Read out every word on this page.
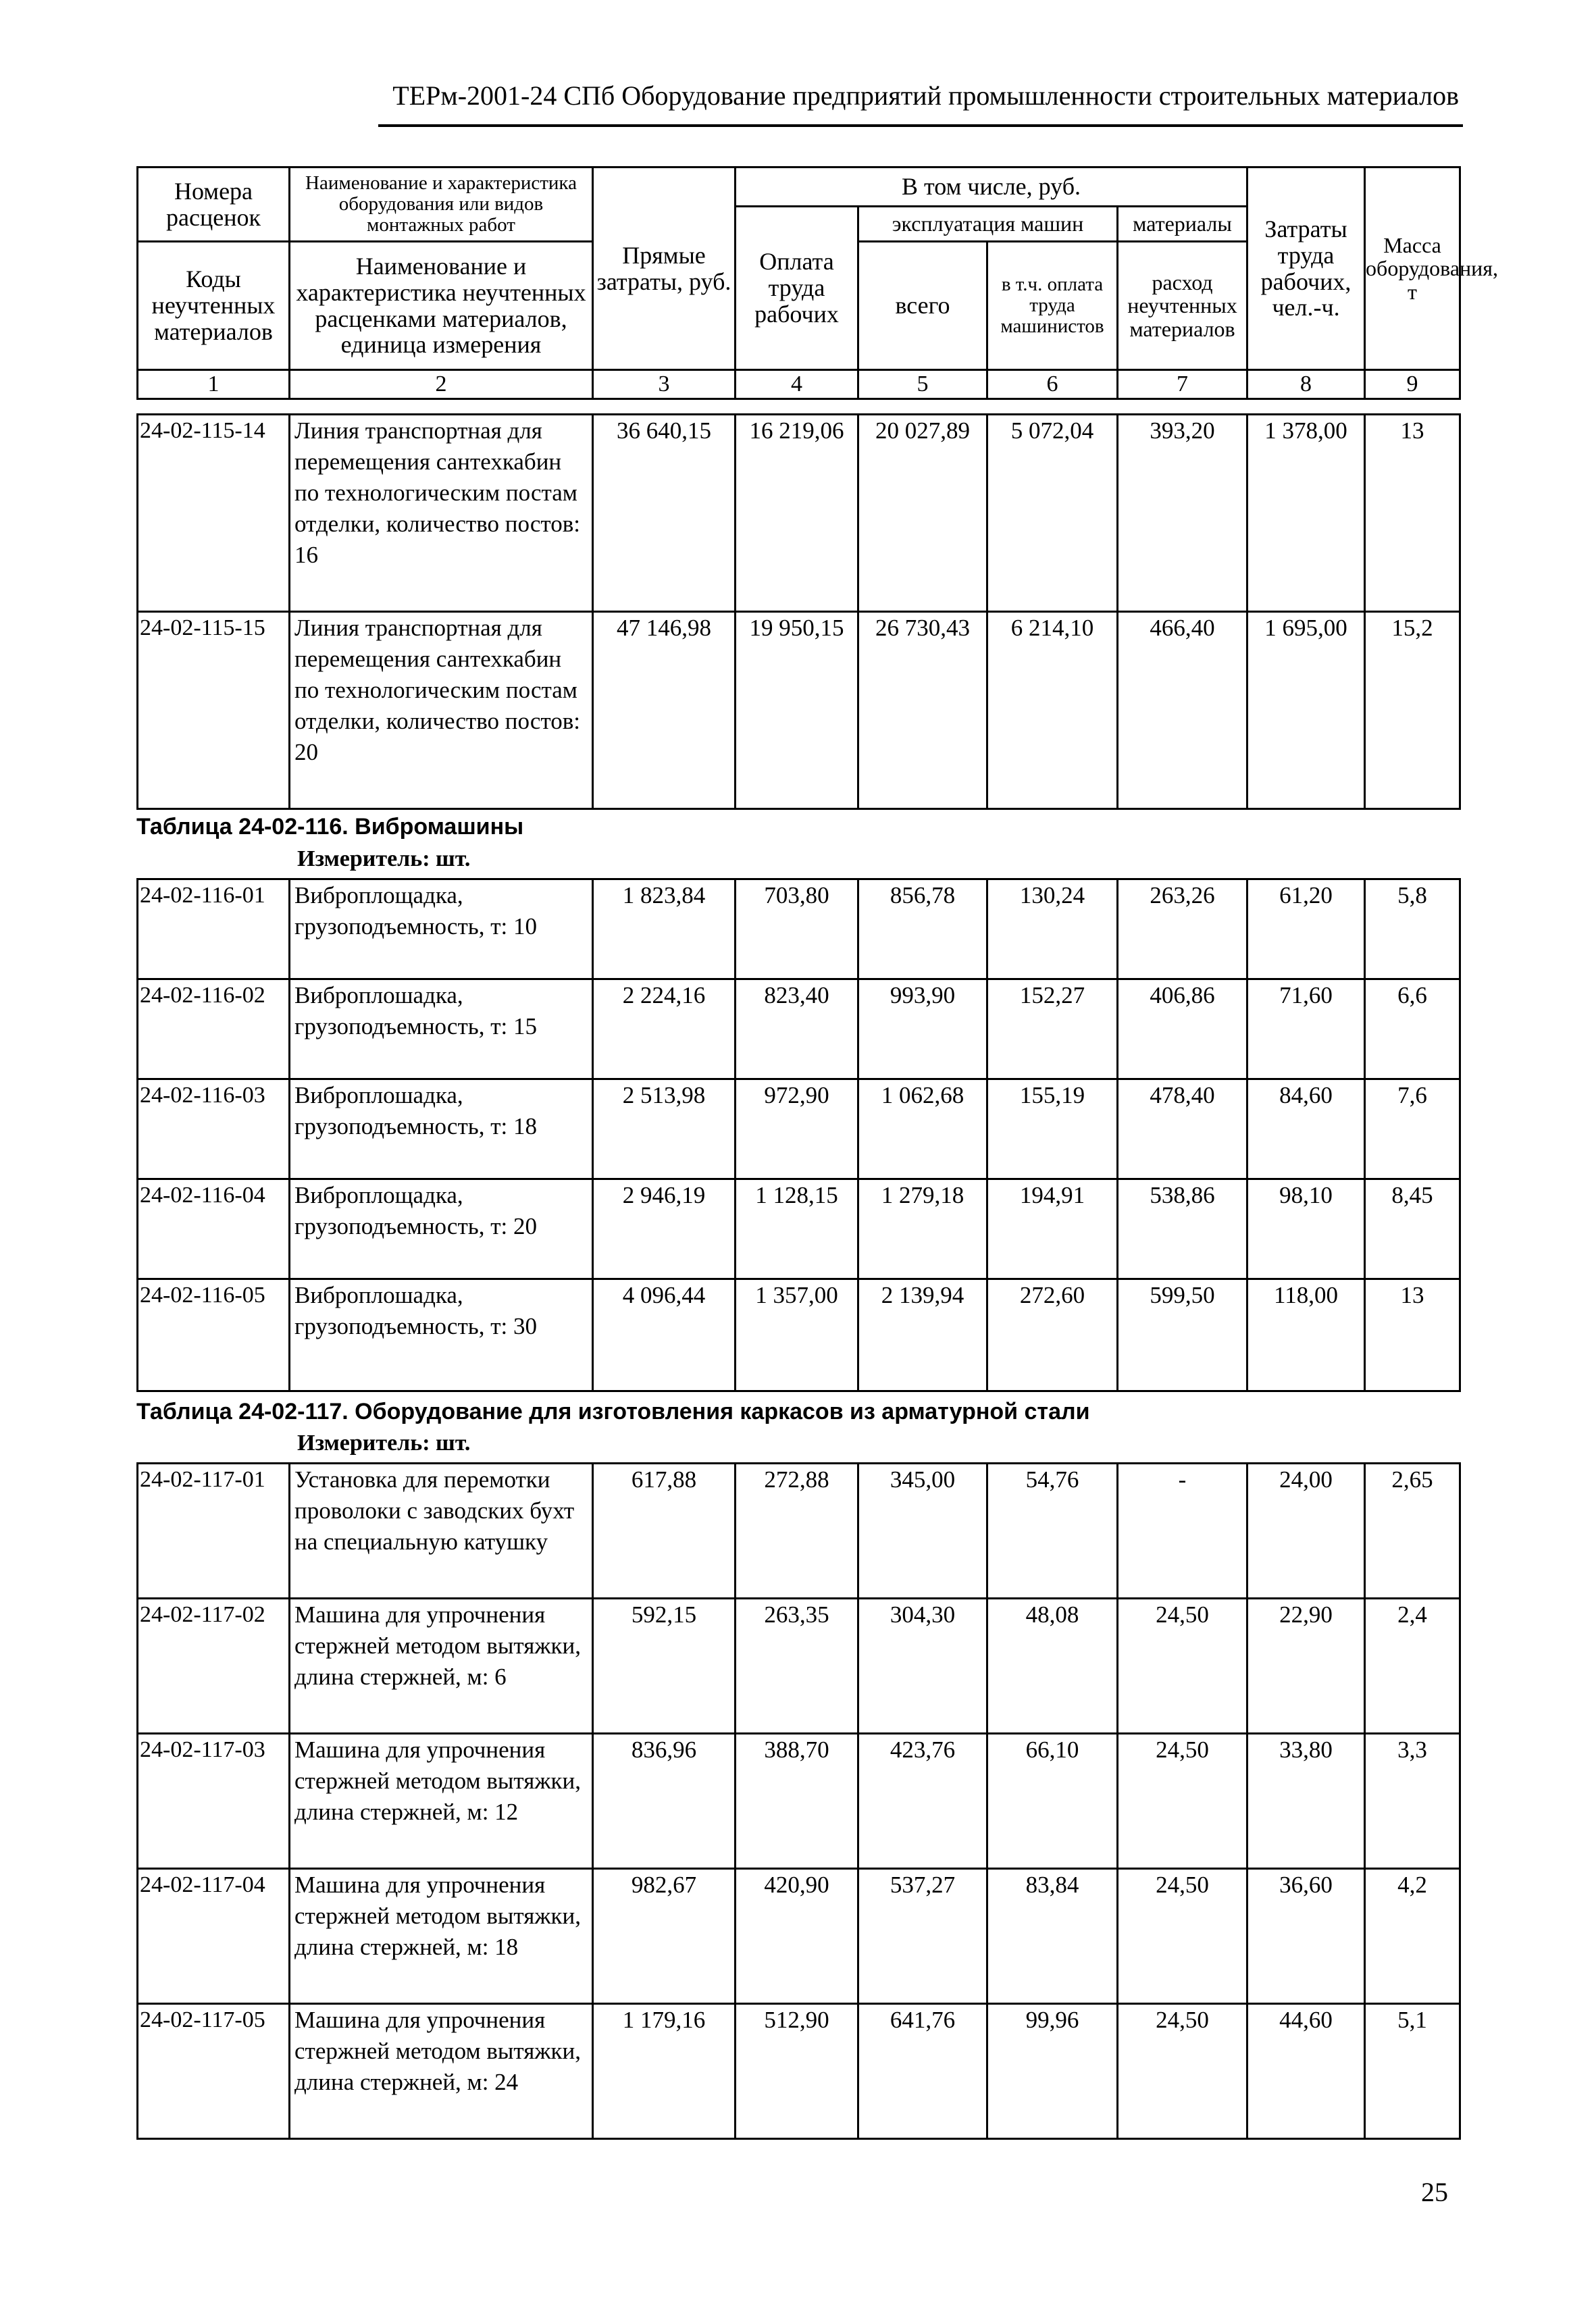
ТЕРм-2001-24 СПб Оборудование предприятий промышленности строительных материалов
Номера расценок	Наименование и характеристика оборудования или видов монтажных работ	Прямые затраты, руб.	В том числе, руб.				Затраты труда рабочих, чел.-ч.	Масса оборудования, т
			Оплата труда рабочих	эксплуатация машин		материалы		
Коды неучтенных материалов	Наименование и характеристика неучтенных расценками материалов, единица измерения			всего	в т.ч. оплата труда машинистов	расход неучтенных материалов		

1	2	3	4	5	6	7	8	9
24-02-115-14	Линия транспортная для перемещения сантехкабин по технологическим постам отделки, количество постов: 16	36 640,15	16 219,06	20 027,89	5 072,04	393,20	1 378,00	13
24-02-115-15	Линия транспортная для перемещения сантехкабин по технологическим постам отделки, количество постов: 20	47 146,98	19 950,15	26 730,43	6 214,10	466,40	1 695,00	15,2
Таблица 24-02-116. Вибромашины
Измеритель: шт.
24-02-116-01	Виброплощадка, грузоподъемность, т: 10	1 823,84	703,80	856,78	130,24	263,26	61,20	5,8
24-02-116-02	Виброплошадка, грузоподъемность, т: 15	2 224,16	823,40	993,90	152,27	406,86	71,60	6,6
24-02-116-03	Виброплошадка, грузоподъемность, т: 18	2 513,98	972,90	1 062,68	155,19	478,40	84,60	7,6
24-02-116-04	Виброплощадка, грузоподъемность, т: 20	2 946,19	1 128,15	1 279,18	194,91	538,86	98,10	8,45
24-02-116-05	Виброплошадка, грузоподъемность, т: 30	4 096,44	1 357,00	2 139,94	272,60	599,50	118,00	13
Таблица 24-02-117. Оборудование для изготовления каркасов из арматурной стали
Измеритель: шт.
24-02-117-01	Установка для перемотки проволоки с заводских бухт на специальную катушку	617,88	272,88	345,00	54,76	-	24,00	2,65
24-02-117-02	Машина для упрочнения стержней методом вытяжки, длина стержней, м: 6	592,15	263,35	304,30	48,08	24,50	22,90	2,4
24-02-117-03	Машина для упрочнения стержней методом вытяжки, длина стержней, м: 12	836,96	388,70	423,76	66,10	24,50	33,80	3,3
24-02-117-04	Машина для упрочнения стержней методом вытяжки, длина стержней, м: 18	982,67	420,90	537,27	83,84	24,50	36,60	4,2
24-02-117-05	Машина для упрочнения стержней методом вытяжки, длина стержней, м: 24	1 179,16	512,90	641,76	99,96	24,50	44,60	5,1
25
